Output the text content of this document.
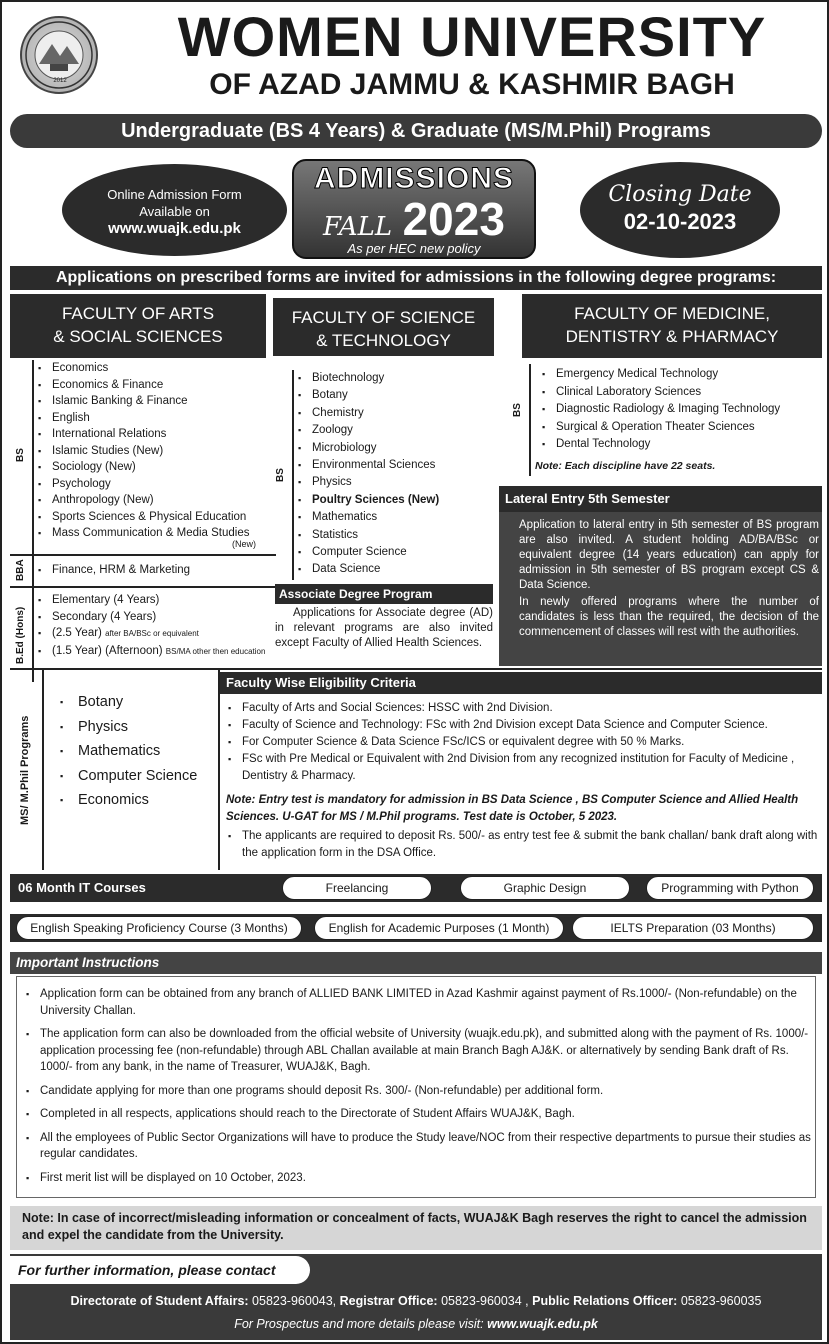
2012
WOMEN UNIVERSITY
OF AZAD JAMMU & KASHMIR BAGH
Undergraduate (BS 4 Years) & Graduate (MS/M.Phil) Programs
Online Admission Form
Available on
www.wuajk.edu.pk
ADMISSIONS
FALL 2023
As per HEC new policy
Closing Date
02-10-2023
Applications on prescribed forms are invited for admissions in the following degree programs:
FACULTY OF ARTS
& SOCIAL SCIENCES
FACULTY OF SCIENCE
& TECHNOLOGY
FACULTY OF MEDICINE,
DENTISTRY & PHARMACY
BS
▪ Economics
▪ Economics & Finance
▪ Islamic Banking & Finance
▪ English
▪ International Relations
▪ Islamic Studies (New)
▪ Sociology (New)
▪ Psychology
▪ Anthropology (New)
▪ Sports Sciences & Physical Education
▪ Mass Communication & Media Studies
(New)
BBA	▪ Finance, HRM & Marketing
B.Ed (Hons)
▪ Elementary (4 Years)
▪ Secondary (4 Years)
▪ (2.5 Year) after BA/BSc or equivalent
▪ (1.5 Year) (Afternoon) BS/MA other then education
BS
▪ Biotechnology
▪ Botany
▪ Chemistry
▪ Zoology
▪ Microbiology
▪ Environmental Sciences
▪ Physics
▪ Poultry Sciences (New)
▪ Mathematics
▪ Statistics
▪ Computer Science
▪ Data Science
Associate Degree Program
Applications for Associate degree (AD) in relevant programs are also invited except Faculty of Allied Health Sciences.
BS
▪ Emergency Medical Technology
▪ Clinical Laboratory Sciences
▪ Diagnostic Radiology & Imaging Technology
▪ Surgical & Operation Theater Sciences
▪ Dental Technology
Note: Each discipline have 22 seats.
Lateral Entry 5th Semester
Application to lateral entry in 5th semester of BS program are also invited. A student holding AD/BA/BSc or equivalent degree (14 years education) can apply for admission in 5th semester of BS program except CS & Data Science.
In newly offered programs where the number of candidates is less than the required, the decision of the commencement of classes will rest with the authorities.
MS/ M.Phil Programs
▪ Botany
▪ Physics
▪ Mathematics
▪ Computer Science
▪ Economics
Faculty Wise Eligibility Criteria
▪ Faculty of Arts and Social Sciences: HSSC with 2nd Division.
▪ Faculty of Science and Technology: FSc with 2nd Division except Data Science and Computer Science.
▪ For Computer Science & Data Science FSc/ICS or equivalent degree with 50 % Marks.
▪ FSc with Pre Medical or Equivalent with 2nd Division from any recognized institution for Faculty of Medicine , Dentistry & Pharmacy.
Note: Entry test is mandatory for admission in BS Data Science , BS Computer Science and Allied Health Sciences. U-GAT for MS / M.Phil programs. Test date is October, 5 2023.
▪ The applicants are required to deposit Rs. 500/- as entry test fee & submit the bank challan/ bank draft along with the application form in the DSA Office.
06 Month IT Courses	Freelancing	Graphic Design	Programming with Python
English Speaking Proficiency Course (3 Months)	English for Academic Purposes (1 Month)	IELTS Preparation (03 Months)
Important Instructions
▪ Application form can be obtained from any branch of ALLIED BANK LIMITED in Azad Kashmir against payment of Rs.1000/- (Non-refundable) on the University Challan.
▪ The application form can also be downloaded from the official website of University (wuajk.edu.pk), and submitted along with the payment of Rs. 1000/- application processing fee (non-refundable) through ABL Challan available at main Branch Bagh AJ&K. or alternatively by sending Bank draft of Rs. 1000/- from any bank, in the name of Treasurer, WUAJ&K, Bagh.
▪ Candidate applying for more than one programs should deposit Rs. 300/- (Non-refundable) per additional form.
▪ Completed in all respects, applications should reach to the Directorate of Student Affairs WUAJ&K, Bagh.
▪ All the employees of Public Sector Organizations will have to produce the Study leave/NOC from their respective departments to pursue their studies as regular candidates.
▪ First merit list will be displayed on 10 October, 2023.
Note: In case of incorrect/misleading information or concealment of facts, WUAJ&K Bagh reserves the right to cancel the admission and expel the candidate from the University.
For further information, please contact
Directorate of Student Affairs: 05823-960043, Registrar Office: 05823-960034 , Public Relations Officer: 05823-960035
For Prospectus and more details please visit: www.wuajk.edu.pk
